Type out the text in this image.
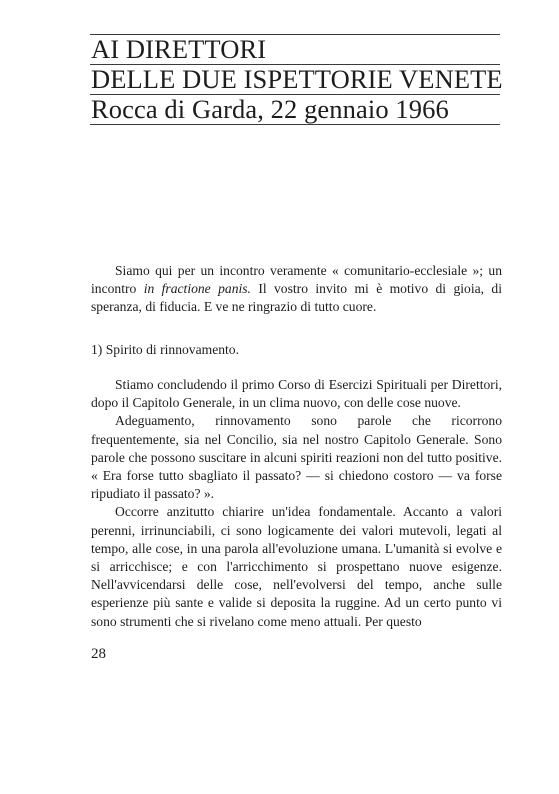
AI DIRETTORI
DELLE DUE ISPETTORIE VENETE
Rocca di Garda, 22 gennaio 1966

Siamo qui per un incontro veramente « comunitario-ecclesiale »; un incontro in fractione panis. Il vostro invito mi è motivo di gioia, di speranza, di fiducia. E ve ne ringrazio di tutto cuore.

1) Spirito di rinnovamento.

Stiamo concludendo il primo Corso di Esercizi Spirituali per Direttori, dopo il Capitolo Generale, in un clima nuovo, con delle cose nuove.

Adeguamento, rinnovamento sono parole che ricorrono frequentemente, sia nel Concilio, sia nel nostro Capitolo Generale. Sono parole che possono suscitare in alcuni spiriti reazioni non del tutto positive. « Era forse tutto sbagliato il passato? — si chiedono costoro — va forse ripudiato il passato? ».

Occorre anzitutto chiarire un'idea fondamentale. Accanto a valori perenni, irrinunciabili, ci sono logicamente dei valori mutevoli, legati al tempo, alle cose, in una parola all'evoluzione umana. L'umanità si evolve e si arricchisce; e con l'arricchimento si prospettano nuove esigenze. Nell'avvicendarsi delle cose, nell'evolversi del tempo, anche sulle esperienze più sante e valide si deposita la ruggine. Ad un certo punto vi sono strumenti che si rivelano come meno attuali. Per questo

28
